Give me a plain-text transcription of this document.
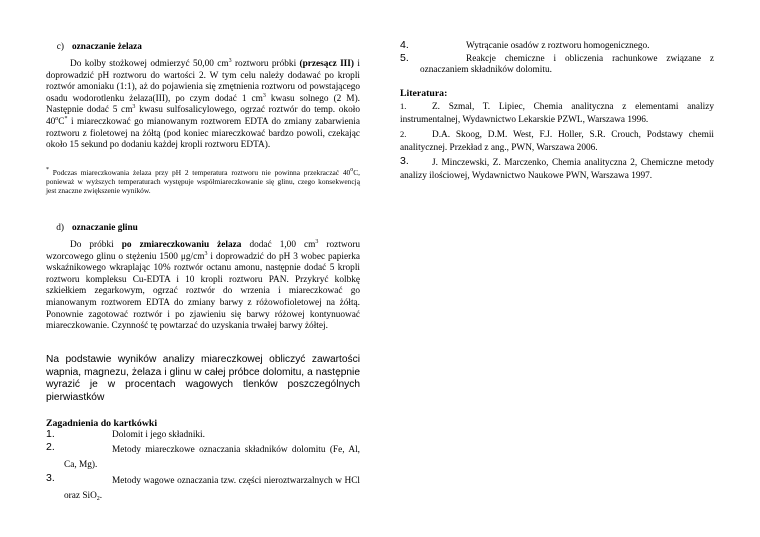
c) oznaczanie żelaza

Do kolby stożkowej odmierzyć 50,00 $cm^3$ roztworu próbki (przesącz III) i doprowadzić pH roztworu do wartości 2. W tym celu należy dodawać po kropli roztwór amoniaku (1:1), aż do pojawienia się zmętnienia roztworu od powstającego osadu wodorotlenku żelaza(III), po czym dodać 1 $cm^3$ kwasu solnego (2 M). Następnie dodać 5 $cm^3$ kwasu sulfosalicylowego, ogrzać roztwór do temp. około 40$^o$C* i miareczkować go mianowanym roztworem EDTA do zmiany zabarwienia roztworu z fioletowej na żółtą (pod koniec miareczkować bardzo powoli, czekając około 15 sekund po dodaniu każdej kropli roztworu EDTA).

* Podczas miareczkowania żelaza przy pH 2 temperatura roztworu nie powinna przekraczać 40$^o$C, ponieważ w wyższych temperaturach występuje współmiareczkowanie się glinu, czego konsekwencją jest znaczne zwiększenie wyników.

d) oznaczanie glinu

Do próbki po zmiareczkowaniu żelaza dodać 1,00 $cm^3$ roztworu wzorcowego glinu o stężeniu 1500 $\mu g/cm^3$ i doprowadzić do pH 3 wobec papierka wskaźnikowego wkraplając 10% roztwór octanu amonu, następnie dodać 5 kropli roztworu kompleksu Cu-EDTA i 10 kropli roztworu PAN. Przykryć kolbkę szkiełkiem zegarkowym, ogrzać roztwór do wrzenia i miareczkować go mianowanym roztworem EDTA do zmiany barwy z różowofioletowej na żółtą. Ponownie zagotować roztwór i po zjawieniu się barwy różowej kontynuować miareczkowanie. Czynność tę powtarzać do uzyskania trwałej barwy żółtej.

Na podstawie wyników analizy miareczkowej obliczyć zawartości wapnia, magnezu, żelaza i glinu w całej próbce dolomitu, a następnie wyrazić je w procentach wagowych tlenków poszczególnych pierwiastków

Zagadnienia do kartkówki
1.	Dolomit i jego składniki.
2.	Metody miareczkowe oznaczania składników dolomitu (Fe, Al, Ca, Mg).
3.	Metody wagowe oznaczania tzw. części nieroztwarzalnych w HCl oraz SiO$_2$.
4.	Wytrącanie osadów z roztworu homogenicznego.
5.	Reakcje chemiczne i obliczenia rachunkowe związane z oznaczaniem składników dolomitu.
Literatura:
1.	Z. Szmal, T. Lipiec, Chemia analityczna z elementami analizy instrumentalnej, Wydawnictwo Lekarskie PZWL, Warszawa 1996.
2.	D.A. Skoog, D.M. West, F.J. Holler, S.R. Crouch, Podstawy chemii analitycznej. Przekład z ang., PWN, Warszawa 2006.
3.	J. Minczewski, Z. Marczenko, Chemia analityczna 2, Chemiczne metody analizy ilościowej, Wydawnictwo Naukowe PWN, Warszawa 1997.
